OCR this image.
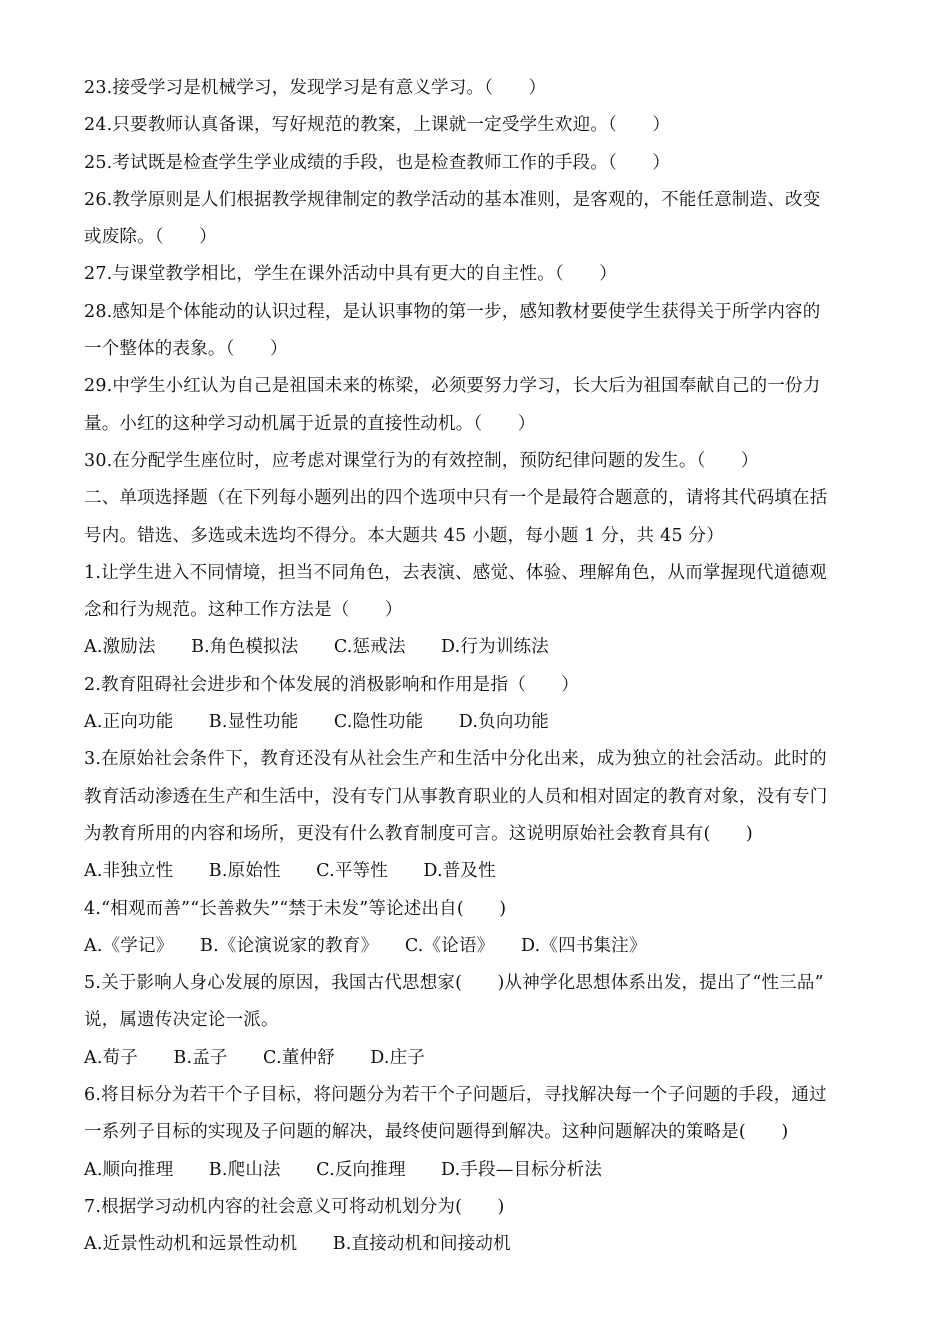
23.接受学习是机械学习，发现学习是有意义学习。（　　）
24.只要教师认真备课，写好规范的教案，上课就一定受学生欢迎。（　　）
25.考试既是检查学生学业成绩的手段，也是检查教师工作的手段。（　　）
26.教学原则是人们根据教学规律制定的教学活动的基本准则，是客观的，不能任意制造、改变
或废除。（　　）
27.与课堂教学相比，学生在课外活动中具有更大的自主性。（　　）
28.感知是个体能动的认识过程，是认识事物的第一步，感知教材要使学生获得关于所学内容的
一个整体的表象。（　　）
29.中学生小红认为自己是祖国未来的栋梁，必须要努力学习，长大后为祖国奉献自己的一份力
量。小红的这种学习动机属于近景的直接性动机。（　　）
30.在分配学生座位时，应考虑对课堂行为的有效控制，预防纪律问题的发生。（　　）
二、单项选择题（在下列每小题列出的四个选项中只有一个是最符合题意的，请将其代码填在括
号内。错选、多选或未选均不得分。本大题共 45 小题，每小题 1 分，共 45 分）
1.让学生进入不同情境，担当不同角色，去表演、感觉、体验、理解角色，从而掌握现代道德观
念和行为规范。这种工作方法是（　　）
A.激励法　　B.角色模拟法　　C.惩戒法　　D.行为训练法
2.教育阻碍社会进步和个体发展的消极影响和作用是指（　　）
A.正向功能　　B.显性功能　　C.隐性功能　　D.负向功能
3.在原始社会条件下，教育还没有从社会生产和生活中分化出来，成为独立的社会活动。此时的
教育活动渗透在生产和生活中，没有专门从事教育职业的人员和相对固定的教育对象，没有专门
为教育所用的内容和场所，更没有什么教育制度可言。这说明原始社会教育具有(　　)
A.非独立性　　B.原始性　　C.平等性　　D.普及性
4.“相观而善”“长善救失”“禁于未发”等论述出自(　　)
A.《学记》　　B.《论演说家的教育》　　C.《论语》　　D.《四书集注》
5.关于影响人身心发展的原因，我国古代思想家(　　)从神学化思想体系出发，提出了“性三品”
说，属遗传决定论一派。
A.荀子　　B.孟子　　C.董仲舒　　D.庄子
6.将目标分为若干个子目标，将问题分为若干个子问题后，寻找解决每一个子问题的手段，通过
一系列子目标的实现及子问题的解决，最终使问题得到解决。这种问题解决的策略是(　　)
A.顺向推理　　B.爬山法　　C.反向推理　　D.手段—目标分析法
7.根据学习动机内容的社会意义可将动机划分为(　　)
A.近景性动机和远景性动机　　B.直接动机和间接动机
